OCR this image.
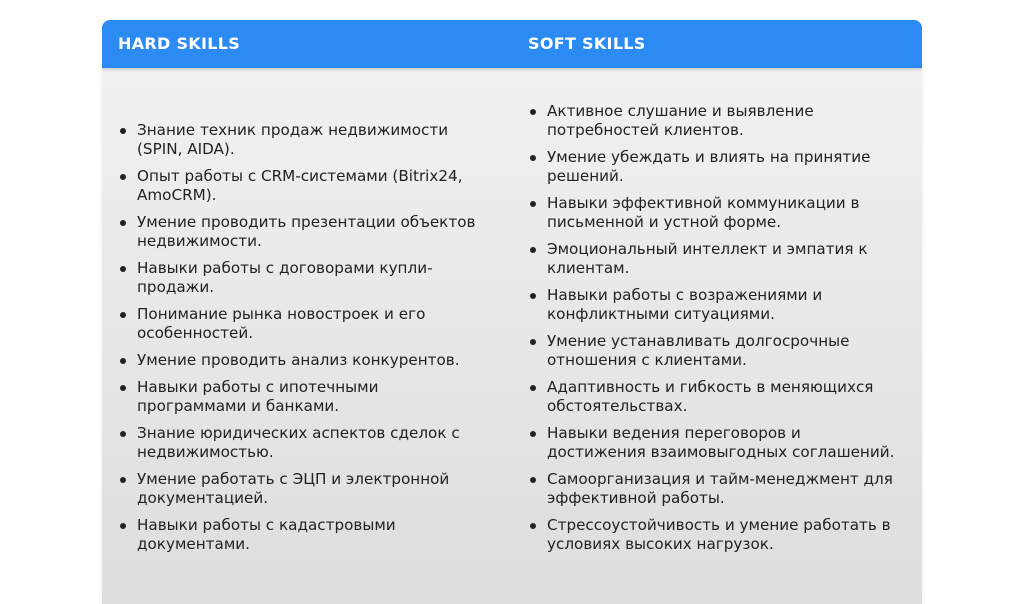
HARD SKILLS	SOFT SKILLS
Знание техник продаж недвижимости (SPIN, AIDA).
Опыт работы с CRM-системами (Bitrix24, AmoCRM).
Умение проводить презентации объектов недвижимости.
Навыки работы с договорами купли-продажи.
Понимание рынка новостроек и его особенностей.
Умение проводить анализ конкурентов.
Навыки работы с ипотечными программами и банками.
Знание юридических аспектов сделок с недвижимостью.
Умение работать с ЭЦП и электронной документацией.
Навыки работы с кадастровыми документами.
Активное слушание и выявление потребностей клиентов.
Умение убеждать и влиять на принятие решений.
Навыки эффективной коммуникации в письменной и устной форме.
Эмоциональный интеллект и эмпатия к клиентам.
Навыки работы с возражениями и конфликтными ситуациями.
Умение устанавливать долгосрочные отношения с клиентами.
Адаптивность и гибкость в меняющихся обстоятельствах.
Навыки ведения переговоров и достижения взаимовыгодных соглашений.
Самоорганизация и тайм-менеджмент для эффективной работы.
Стрессоустойчивость и умение работать в условиях высоких нагрузок.
